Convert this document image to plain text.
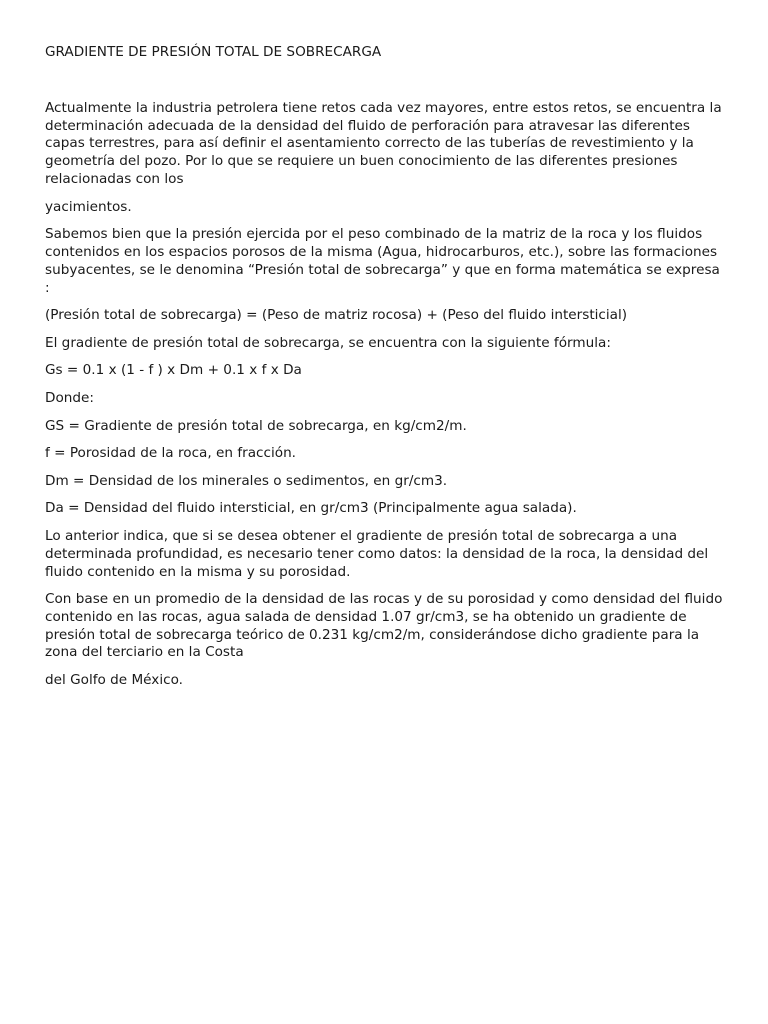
GRADIENTE DE PRESIÓN TOTAL DE SOBRECARGA

Actualmente la industria petrolera tiene retos cada vez mayores, entre estos retos, se encuentra la determinación adecuada de la densidad del fluido de perforación para atravesar las diferentes capas terrestres, para así definir el asentamiento correcto de las tuberías de revestimiento y la geometría del pozo. Por lo que se requiere un buen conocimiento de las diferentes presiones relacionadas con los

yacimientos.

Sabemos bien que la presión ejercida por el peso combinado de la matriz de la roca y los fluidos contenidos en los espacios porosos de la misma (Agua, hidrocarburos, etc.), sobre las formaciones subyacentes, se le denomina “Presión total de sobrecarga” y que en forma matemática se expresa :

(Presión total de sobrecarga) = (Peso de matriz rocosa) + (Peso del fluido intersticial)

El gradiente de presión total de sobrecarga, se encuentra con la siguiente fórmula:

Gs = 0.1 x (1 - f ) x Dm + 0.1 x f x Da

Donde:

GS = Gradiente de presión total de sobrecarga, en kg/cm2/m.

f = Porosidad de la roca, en fracción.

Dm = Densidad de los minerales o sedimentos, en gr/cm3.

Da = Densidad del fluido intersticial, en gr/cm3 (Principalmente agua salada).

Lo anterior indica, que si se desea obtener el gradiente de presión total de sobrecarga a una determinada profundidad, es necesario tener como datos: la densidad de la roca, la densidad del fluido contenido en la misma y su porosidad.

Con base en un promedio de la densidad de las rocas y de su porosidad y como densidad del fluido contenido en las rocas, agua salada de densidad 1.07 gr/cm3, se ha obtenido un gradiente de presión total de sobrecarga teórico de 0.231 kg/cm2/m, considerándose dicho gradiente para la zona del terciario en la Costa

del Golfo de México.
